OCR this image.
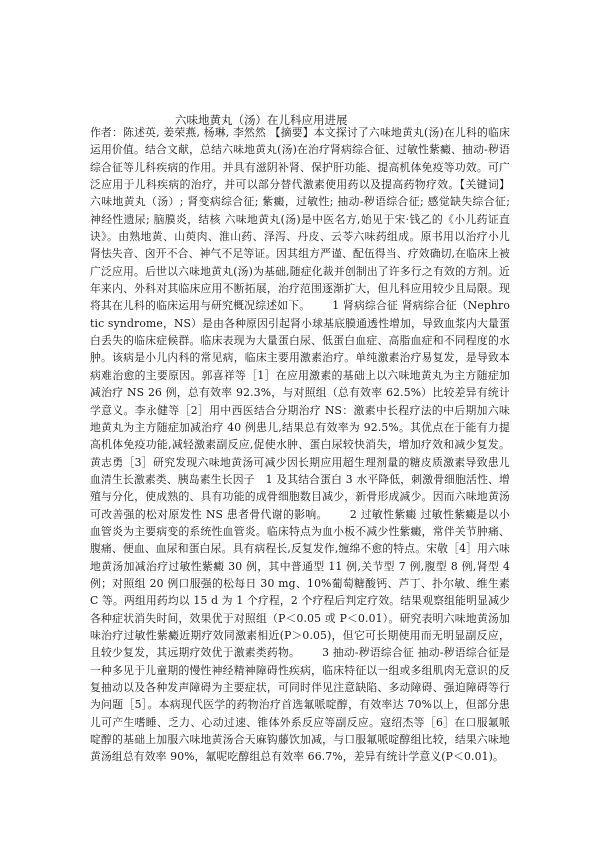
六味地黄丸（汤）在儿科应用进展
作者：陈述英, 姜荣燕, 杨琳, 李然然 【摘要】本文探讨了六味地黄丸(汤)在儿科的临床运用价值。结合文献，总结六味地黄丸(汤)在治疗肾病综合征、过敏性紫癜、抽动-秽语综合征等儿科疾病的作用。并具有滋阴补肾、保护肝功能、提高机体免疫等功效。可广泛应用于儿科疾病的治疗，并可以部分替代激素使用药以及提高药物疗效。【关键词】六味地黄丸（汤）; 肾变病综合征; 紫癜，过敏性; 抽动-秽语综合征; 感觉缺失综合征; 神经性遗尿; 脑膜炎，结核 六味地黄丸(汤)是中医名方,始见于宋·钱乙的《小儿药证直诀》。由熟地黄、山萸肉、淮山药、泽泻、丹皮、云苓六味药组成。原书用以治疗小儿肾怯失音、囟开不合、神气不足等证。因其组方严谨、配伍得当、疗效确切,在临床上被广泛应用。后世以六味地黄丸(汤)为基础,随症化裁并创制出了许多行之有效的方剂。近年来内、外科对其临床应用不断拓展，治疗范围逐渐扩大，但儿科应用较少且局限。现将其在儿科的临床运用与研究概况综述如下。 1 肾病综合征 肾病综合征（Nephrotic syndrome，NS）是由各种原因引起肾小球基底膜通透性增加，导致血浆内大量蛋白丢失的临床症候群。临床表现为大量蛋白尿、低蛋白血症、高脂血症和不同程度的水肿。该病是小儿内科的常见病，临床主要用激素治疗。单纯激素治疗易复发，是导致本病难治愈的主要原因。郭喜祥等［1］在应用激素的基础上以六味地黄丸为主方随症加减治疗 NS 26 例，总有效率 92.3%，与对照组（总有效率 62.5%）比较差异有统计学意义。李永健等［2］用中西医结合分期治疗 NS：激素中长程疗法的中后期加六味地黄丸为主方随症加减治疗 40 例患儿,结果总有效率为 92.5%。其优点在于能有力提高机体免疫功能,减轻激素副反应,促使水肿、蛋白尿较快消失，增加疗效和减少复发。黄志勇［3］研究发现六味地黄汤可减少因长期应用超生理剂量的糖皮质激素导致患儿血清生长激素类、胰岛素生长因子　1 及其结合蛋白 3 水平降低，刺激骨细胞活性、增殖与分化，使成熟的、具有功能的成骨细胞数目减少，新骨形成减少。因而六味地黄汤可改善强的松对原发性 NS 患者骨代谢的影响。 2 过敏性紫癜 过敏性紫癜是以小血管炎为主要病变的系统性血管炎。临床特点为血小板不减少性紫癜，常伴关节肿痛、腹痛、便血、血尿和蛋白尿。具有病程长,反复发作,缠绵不愈的特点。宋敬［4］用六味地黄汤加减治疗过敏性紫癜 30 例，其中普通型 11 例,关节型 7 例,腹型 8 例,肾型 4 例；对照组 20 例口服强的松每日 30 mg、10%葡萄糖酸钙、芦丁、扑尔敏、维生素 C 等。两组用药均以 15 d 为 1 个疗程，2 个疗程后判定疗效。结果观察组能明显减少各种症状消失时间，效果优于对照组（P＜0.05 或 P＜0.01）。研究表明六味地黄汤加味治疗过敏性紫癜近期疗效同激素相近(P＞0.05)，但它可长期使用而无明显副反应，且较少复发，其远期疗效优于激素类药物。 3 抽动-秽语综合征 抽动-秽语综合征是一种多见于儿童期的慢性神经精神障碍性疾病，临床特征以一组或多组肌肉无意识的反复抽动以及各种发声障碍为主要症状，可同时伴见注意缺陷、多动障碍、强迫障碍等行为问题［5］。本病现代医学的药物治疗首选氟哌啶醇，有效率达 70%以上，但部分患儿可产生嗜睡、乏力、心动过速、锥体外系反应等副反应。寇绍杰等［6］在口服氟哌啶醇的基础上加服六味地黄汤合天麻钩藤饮加减，与口服氟哌啶醇组比较，结果六味地黄汤组总有效率 90%，氟呢吃醇组总有效率 66.7%，差异有统计学意义(P＜0.01)。
